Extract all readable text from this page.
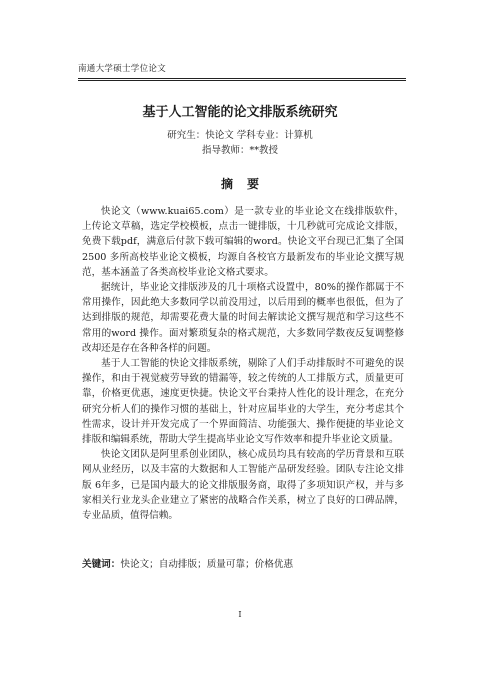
南通大学硕士学位论文
基于人工智能的论文排版系统研究
研究生：快论文 学科专业：计算机
指导教师：**教授
摘要

快论文（www.kuai65.com）是一款专业的毕业论文在线排版软件，上传论文草稿，选定学校模板，点击一键排版，十几秒就可完成论文排版，免费下载pdf，满意后付款下载可编辑的word。快论文平台现已汇集了全国 2500 多所高校毕业论文模板，均源自各校官方最新发布的毕业论文撰写规范，基本涵盖了各类高校毕业论文格式要求。

据统计，毕业论文排版涉及的几十项格式设置中，80%的操作都属于不常用操作，因此绝大多数同学以前没用过，以后用到的概率也很低，但为了达到排版的规范，却需要花费大量的时间去解读论文撰写规范和学习这些不常用的word 操作。面对繁琐复杂的格式规范，大多数同学数夜反复调整修改却还是存在各种各样的问题。

基于人工智能的快论文排版系统，剔除了人们手动排版时不可避免的误操作，和由于视觉疲劳导致的错漏等，较之传统的人工排版方式，质量更可靠，价格更优惠，速度更快捷。快论文平台秉持人性化的设计理念，在充分研究分析人们的操作习惯的基础上，针对应届毕业的大学生，充分考虑其个性需求，设计并开发完成了一个界面简洁、功能强大、操作便捷的毕业论文排版和编辑系统，帮助大学生提高毕业论文写作效率和提升毕业论文质量。

快论文团队是阿里系创业团队，核心成员均具有较高的学历背景和互联网从业经历，以及丰富的大数据和人工智能产品研发经验。团队专注论文排版 6年多，已是国内最大的论文排版服务商，取得了多项知识产权，并与多家相关行业龙头企业建立了紧密的战略合作关系，树立了良好的口碑品牌，专业品质，值得信赖。

关键词：快论文；自动排版；质量可靠；价格优惠
I
